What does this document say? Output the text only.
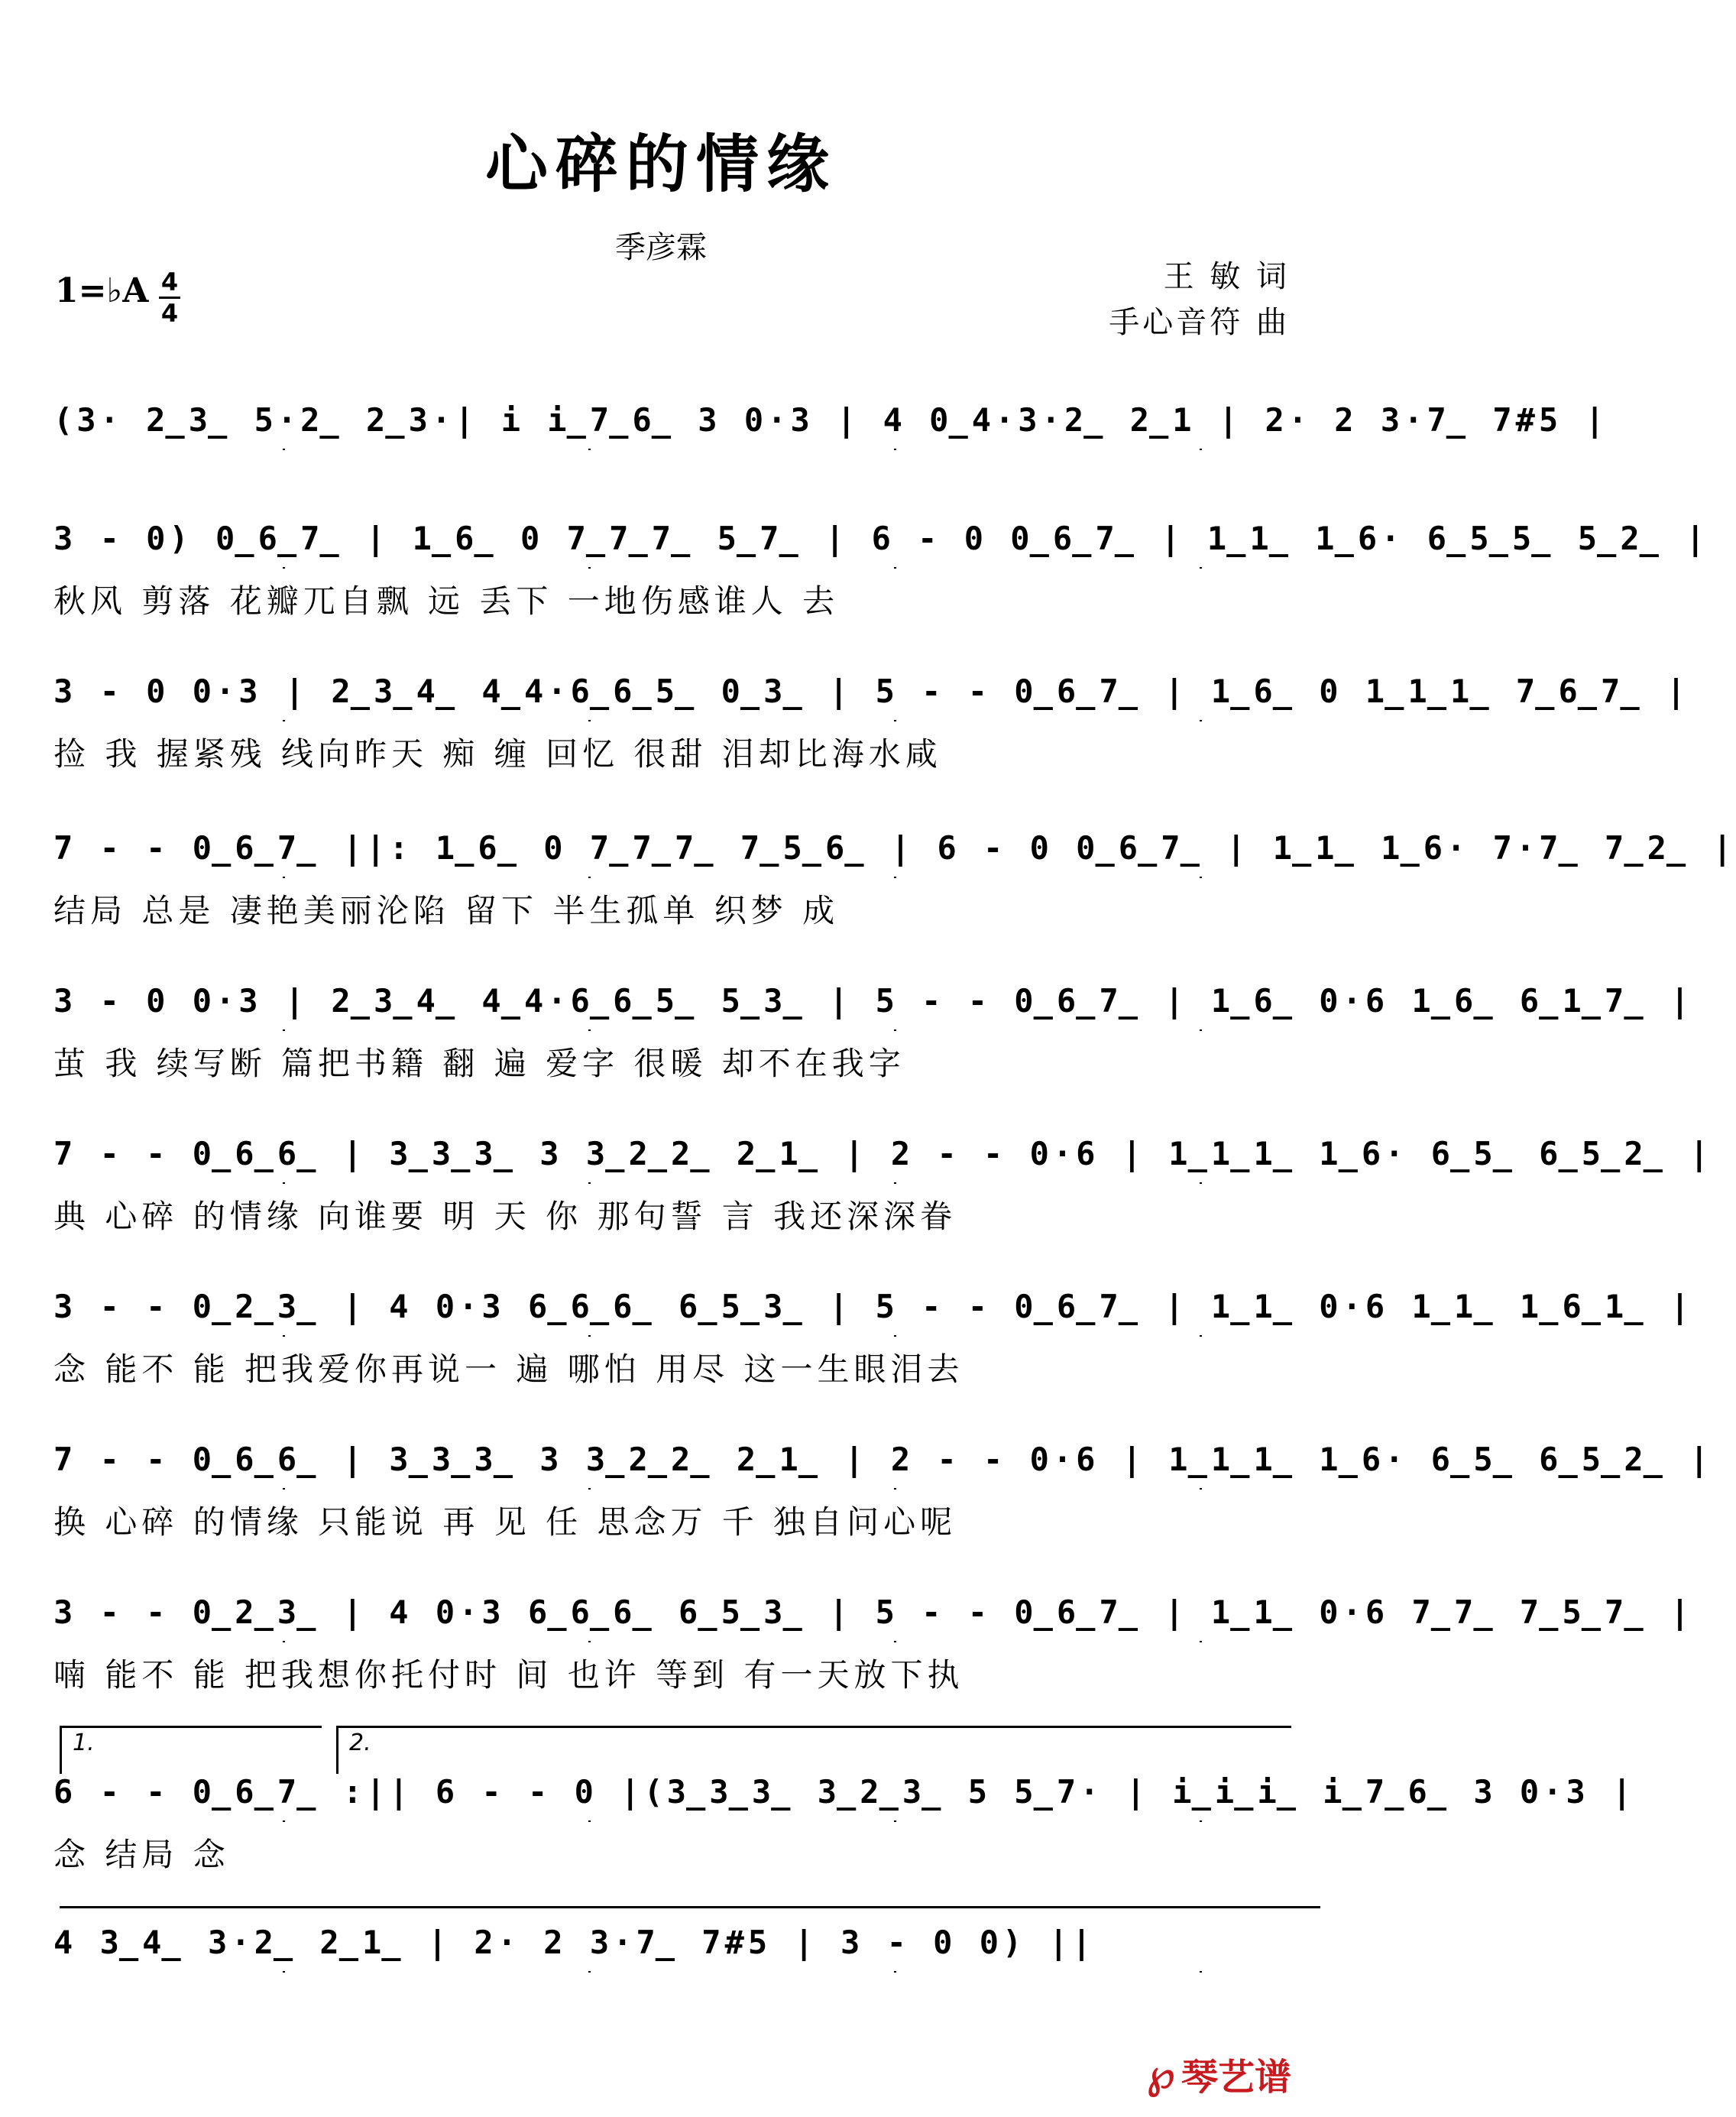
心碎的情缘
季彦霖
1=♭A 4
4
王 敏 词
手心音符 曲
(3· 2̲3̲ 5·2̲ 2̲3·| i i̲7̲6̲ 3 0·3 | 4 0̲4·3·2̲ 2̲1 | 2· 2 3·7̲ 7#5 |
3 - 0) 0̲6̲7̲ | 1̲6̲ 0 7̲7̲7̲ 5̲7̲ | 6 - 0 0̲6̲7̲ | 1̲1̲ 1̲6· 6̲5̲5̲ 5̲2̲ |
秋风 剪落 花瓣兀自飘 远 丢下 一地伤感谁人 去
3 - 0 0·3 | 2̲3̲4̲ 4̲4·6̲6̲5̲ 0̲3̲ | 5 - - 0̲6̲7̲ | 1̲6̲ 0 1̲1̲1̲ 7̲6̲7̲ |
捡 我 握紧残 线向昨天 痴 缠 回忆 很甜 泪却比海水咸
7 - - 0̲6̲7̲ ||: 1̲6̲ 0 7̲7̲7̲ 7̲5̲6̲ | 6 - 0 0̲6̲7̲ | 1̲1̲ 1̲6· 7·7̲ 7̲2̲ |
结局 总是 凄艳美丽沦陷 留下 半生孤单 织梦 成
3 - 0 0·3 | 2̲3̲4̲ 4̲4·6̲6̲5̲ 5̲3̲ | 5 - - 0̲6̲7̲ | 1̲6̲ 0·6 1̲6̲ 6̲1̲7̲ |
茧 我 续写断 篇把书籍 翻 遍 爱字 很暖 却不在我字
7 - - 0̲6̲6̲ | 3̲3̲3̲ 3 3̲2̲2̲ 2̲1̲ | 2 - - 0·6 | 1̲1̲1̲ 1̲6· 6̲5̲ 6̲5̲2̲ |
典 心碎 的情缘 向谁要 明 天 你 那句誓 言 我还深深眷
3 - - 0̲2̲3̲ | 4 0·3 6̲6̲6̲ 6̲5̲3̲ | 5 - - 0̲6̲7̲ | 1̲1̲ 0·6 1̲1̲ 1̲6̲1̲ |
念 能不 能 把我爱你再说一 遍 哪怕 用尽 这一生眼泪去
7 - - 0̲6̲6̲ | 3̲3̲3̲ 3 3̲2̲2̲ 2̲1̲ | 2 - - 0·6 | 1̲1̲1̲ 1̲6· 6̲5̲ 6̲5̲2̲ |
换 心碎 的情缘 只能说 再 见 任 思念万 千 独自问心呢
3 - - 0̲2̲3̲ | 4 0·3 6̲6̲6̲ 6̲5̲3̲ | 5 - - 0̲6̲7̲ | 1̲1̲ 0·6 7̲7̲ 7̲5̲7̲ |
喃 能不 能 把我想你托付时 间 也许 等到 有一天放下执
1.	2.
6 - - 0̲6̲7̲ :|| 6 - - 0 |(3̲3̲3̲ 3̲2̲3̲ 5 5̲7· | i̲i̲i̲ i̲7̲6̲ 3 0·3 |
念 结局 念
4 3̲4̲ 3·2̲ 2̲1̲ | 2· 2 3·7̲ 7#5 | 3 - 0 0) ||
℘ 琴艺谱
